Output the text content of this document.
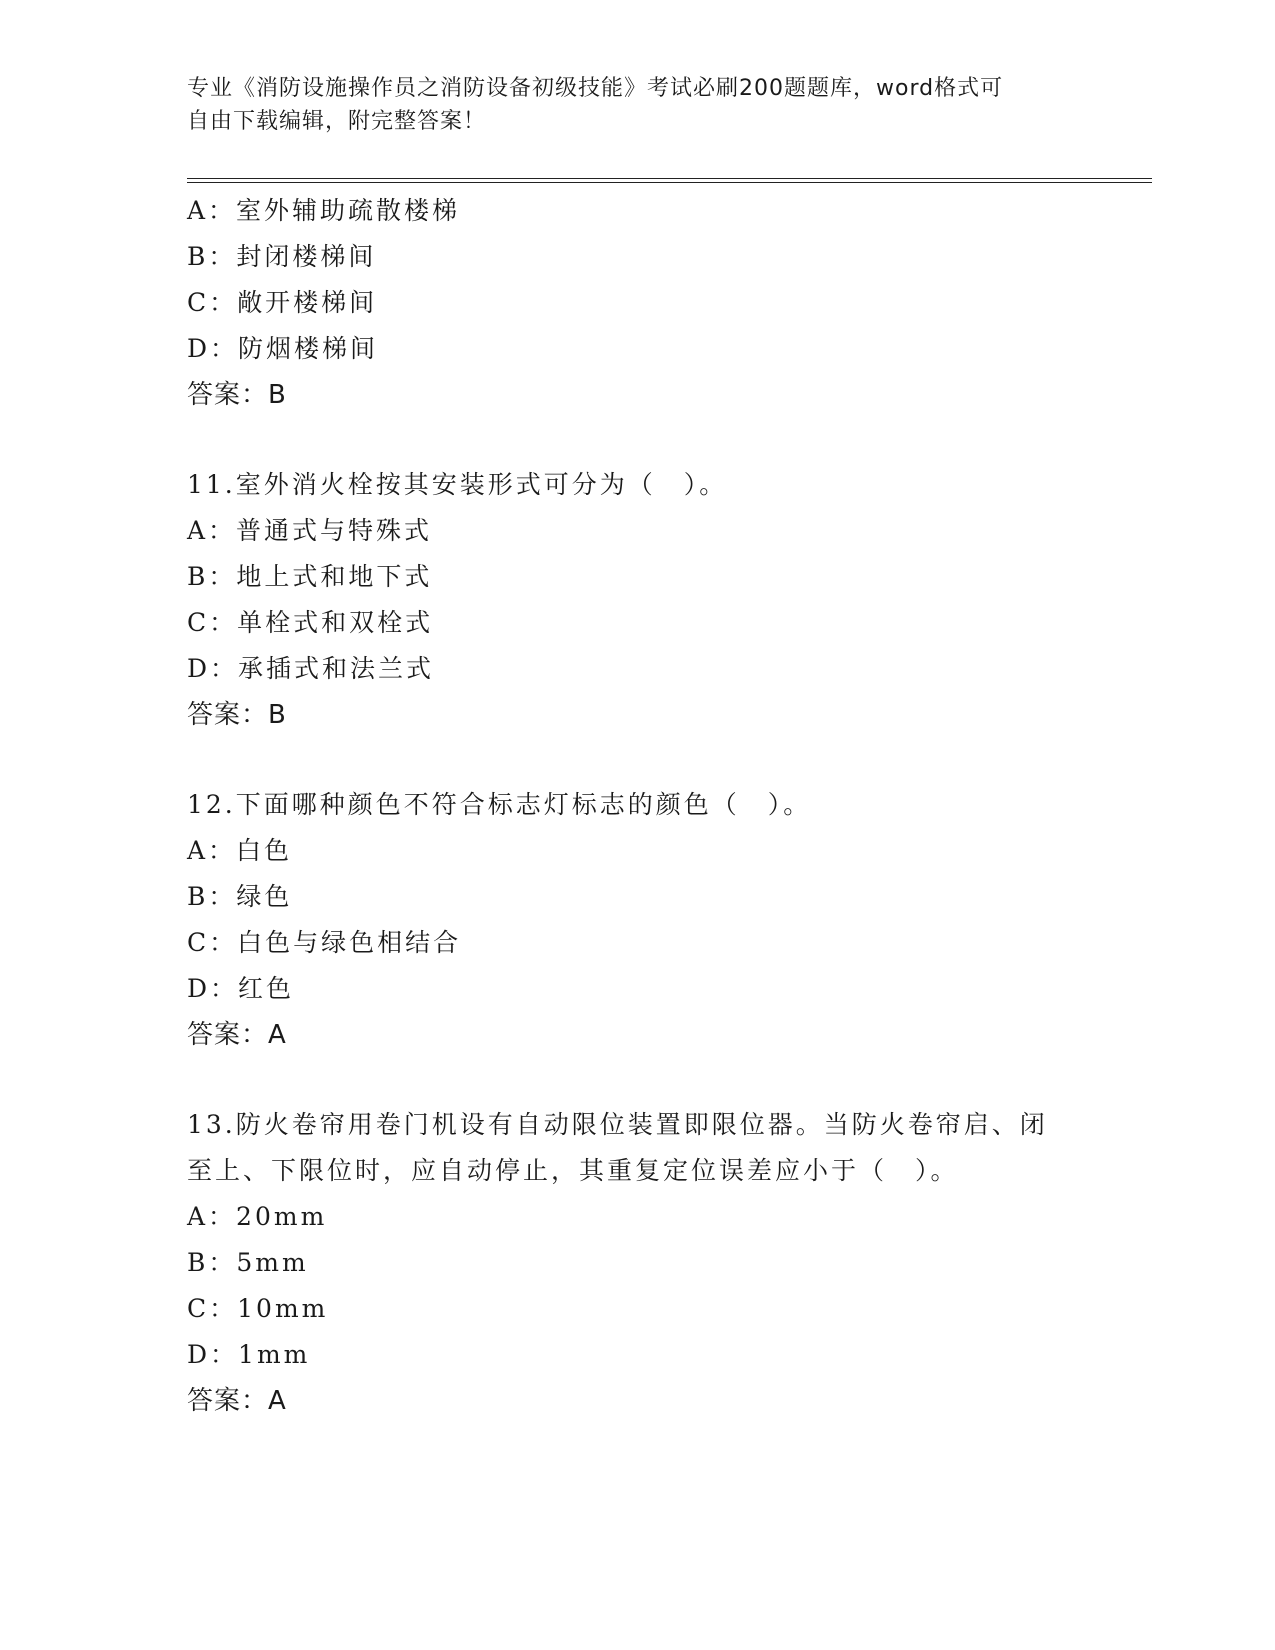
专业《消防设施操作员之消防设备初级技能》考试必刷200题题库，word格式可
自由下载编辑，附完整答案！
A：室外辅助疏散楼梯
B：封闭楼梯间
C：敞开楼梯间
D：防烟楼梯间
答案：B
11.室外消火栓按其安装形式可分为（　）。
A：普通式与特殊式
B：地上式和地下式
C：单栓式和双栓式
D：承插式和法兰式
答案：B
12.下面哪种颜色不符合标志灯标志的颜色（　）。
A：白色
B：绿色
C：白色与绿色相结合
D：红色
答案：A
13.防火卷帘用卷门机设有自动限位装置即限位器。当防火卷帘启、闭
至上、下限位时，应自动停止，其重复定位误差应小于（　）。
A：20mm
B：5mm
C：10mm
D：1mm
答案：A
